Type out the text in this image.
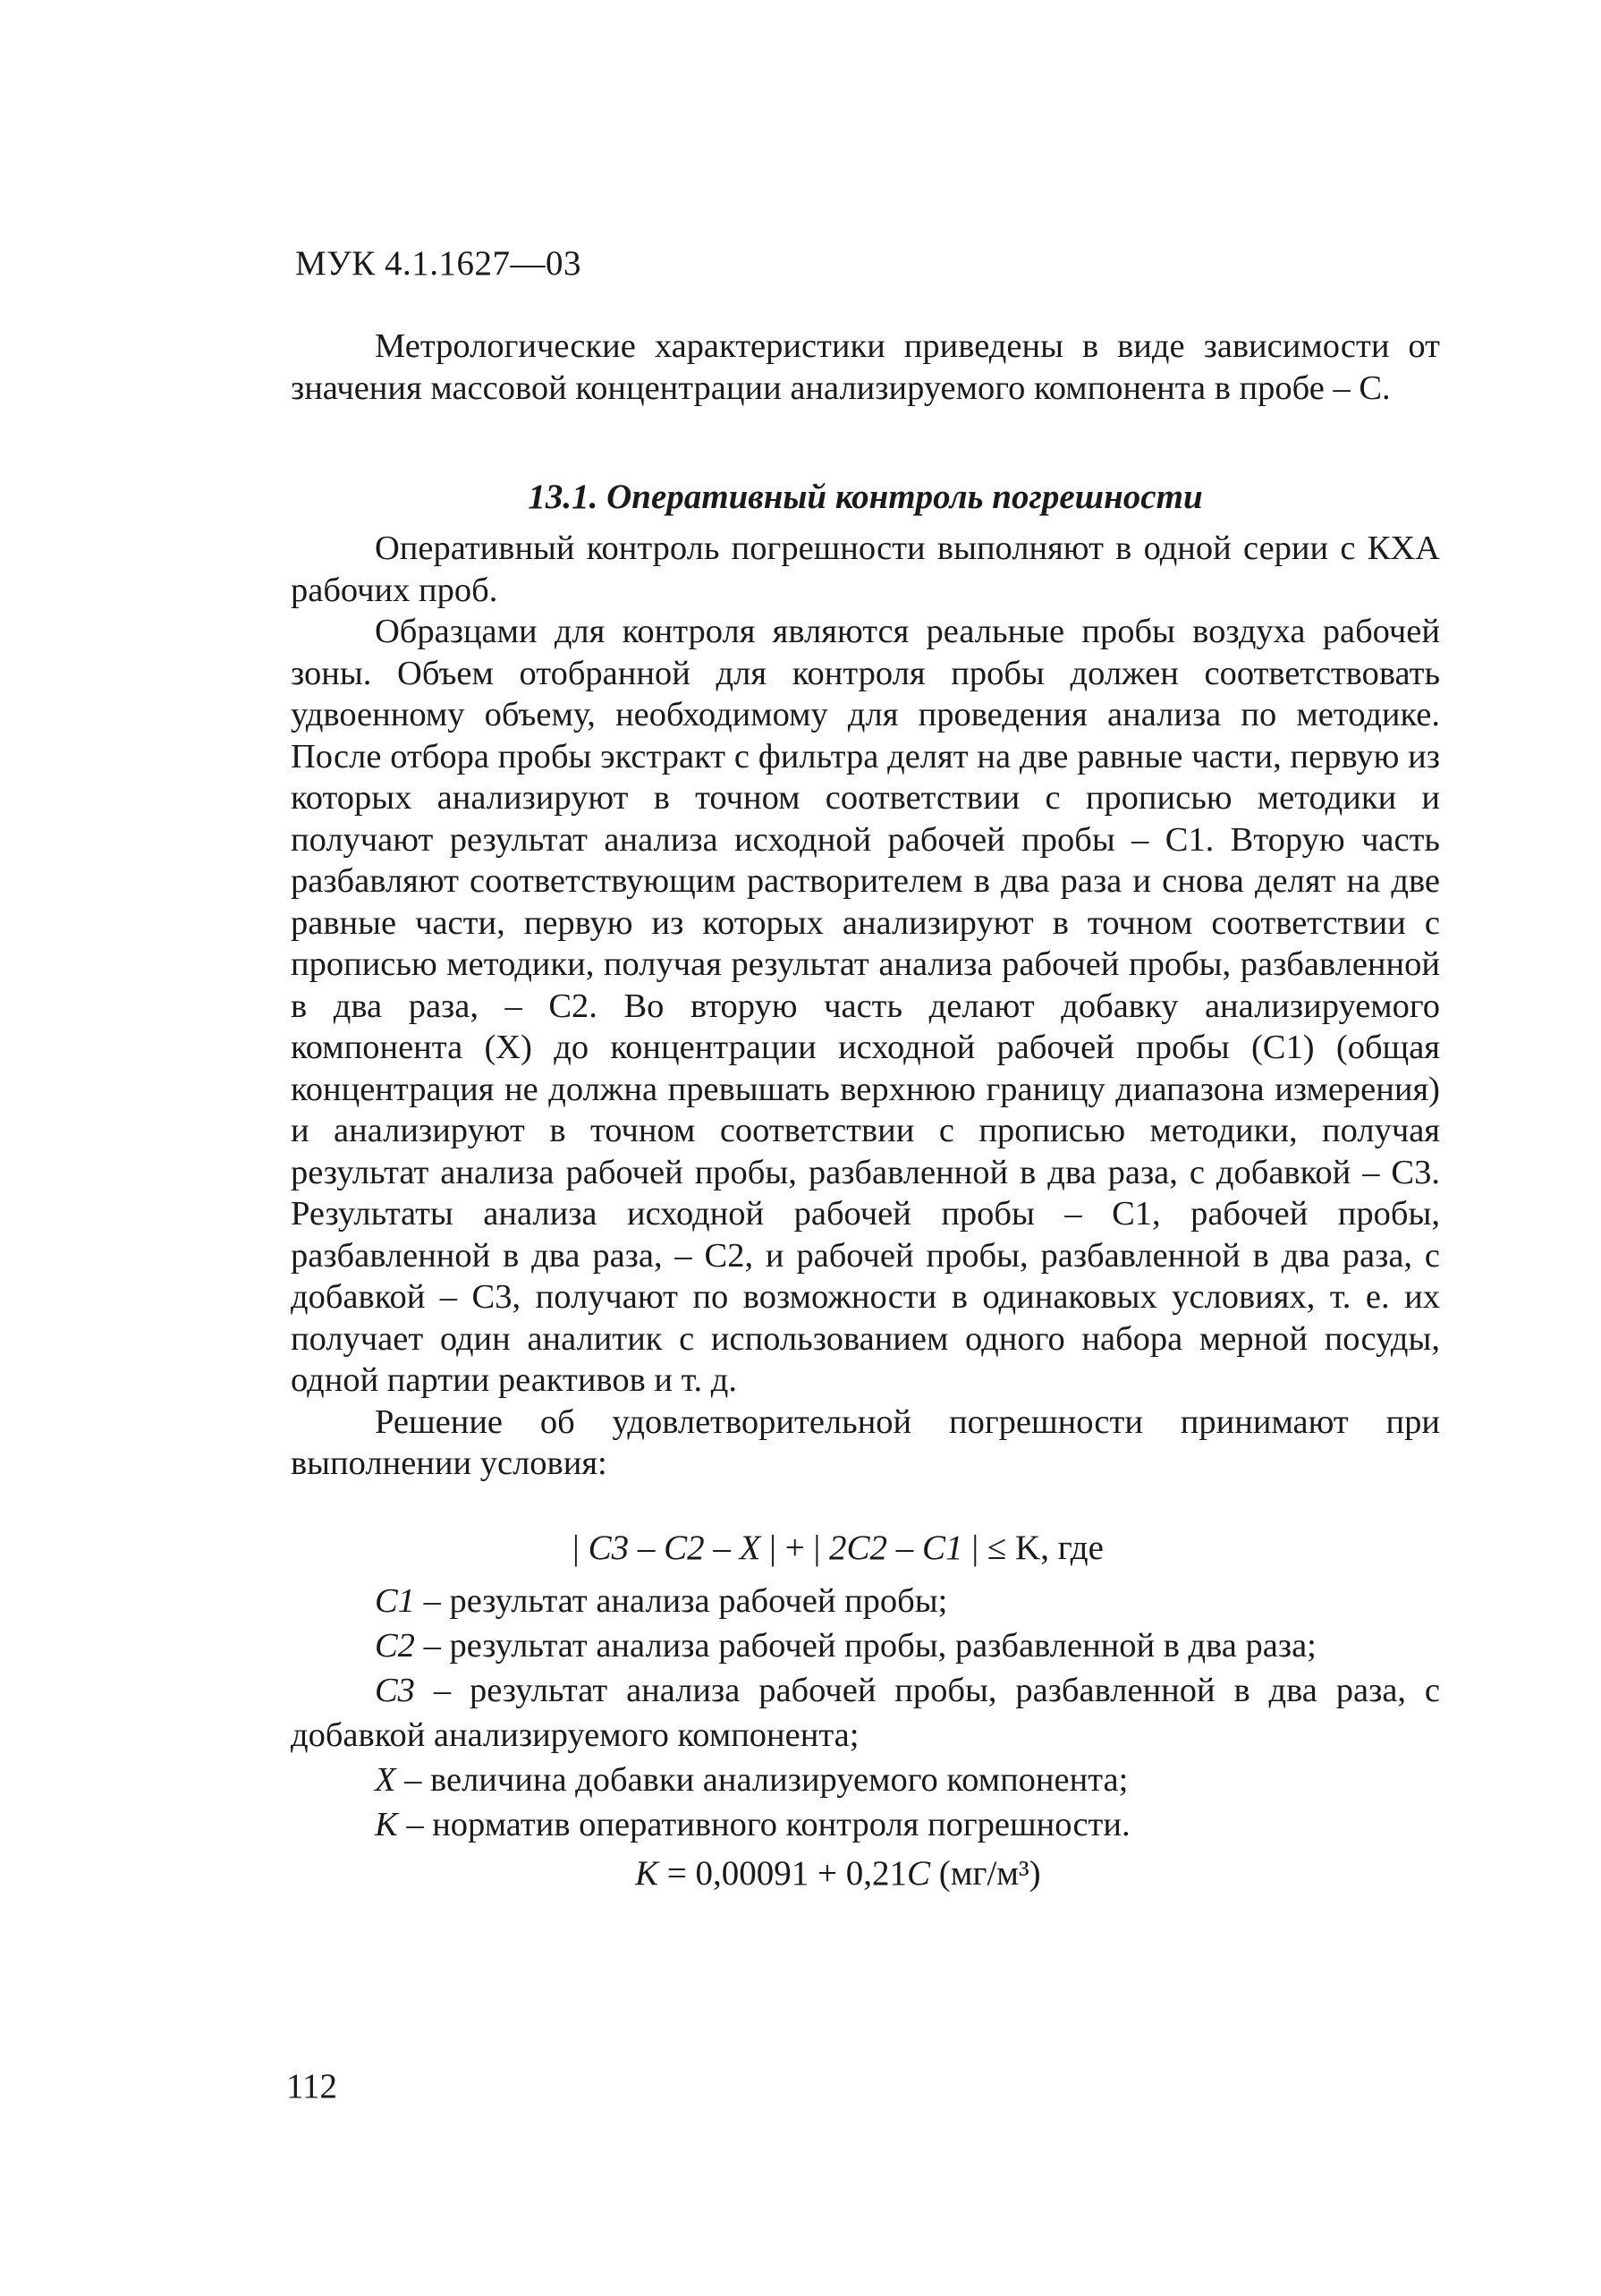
МУК 4.1.1627—03

Метрологические характеристики приведены в виде зависимости от значения массовой концентрации анализируемого компонента в пробе – C.

13.1. Оперативный контроль погрешности

Оперативный контроль погрешности выполняют в одной серии с КХА рабочих проб.

Образцами для контроля являются реальные пробы воздуха рабочей зоны. Объем отобранной для контроля пробы должен соответствовать удвоенному объему, необходимому для проведения анализа по методике. После отбора пробы экстракт с фильтра делят на две равные части, первую из которых анализируют в точном соответствии с прописью методики и получают результат анализа исходной рабочей пробы – C1. Вторую часть разбавляют соответствующим растворителем в два раза и снова делят на две равные части, первую из которых анализируют в точном соответствии с прописью методики, получая результат анализа рабочей пробы, разбавленной в два раза, – C2. Во вторую часть делают добавку анализируемого компонента (X) до концентрации исходной рабочей пробы (C1) (общая концентрация не должна превышать верхнюю границу диапазона измерения) и анализируют в точном соответствии с прописью методики, получая результат анализа рабочей пробы, разбавленной в два раза, с добавкой – C3. Результаты анализа исходной рабочей пробы – C1, рабочей пробы, разбавленной в два раза, – C2, и рабочей пробы, разбавленной в два раза, с добавкой – C3, получают по возможности в одинаковых условиях, т. е. их получает один аналитик с использованием одного набора мерной посуды, одной партии реактивов и т. д.

Решение об удовлетворительной погрешности принимают при выполнении условия:

| C3 – C2 – X | + | 2C2 – C1 | ≤ K, где
C1 – результат анализа рабочей пробы;
C2 – результат анализа рабочей пробы, разбавленной в два раза;
C3 – результат анализа рабочей пробы, разбавленной в два раза, с добавкой анализируемого компонента;
X – величина добавки анализируемого компонента;
K – норматив оперативного контроля погрешности.
K = 0,00091 + 0,21C (мг/м³)
112
